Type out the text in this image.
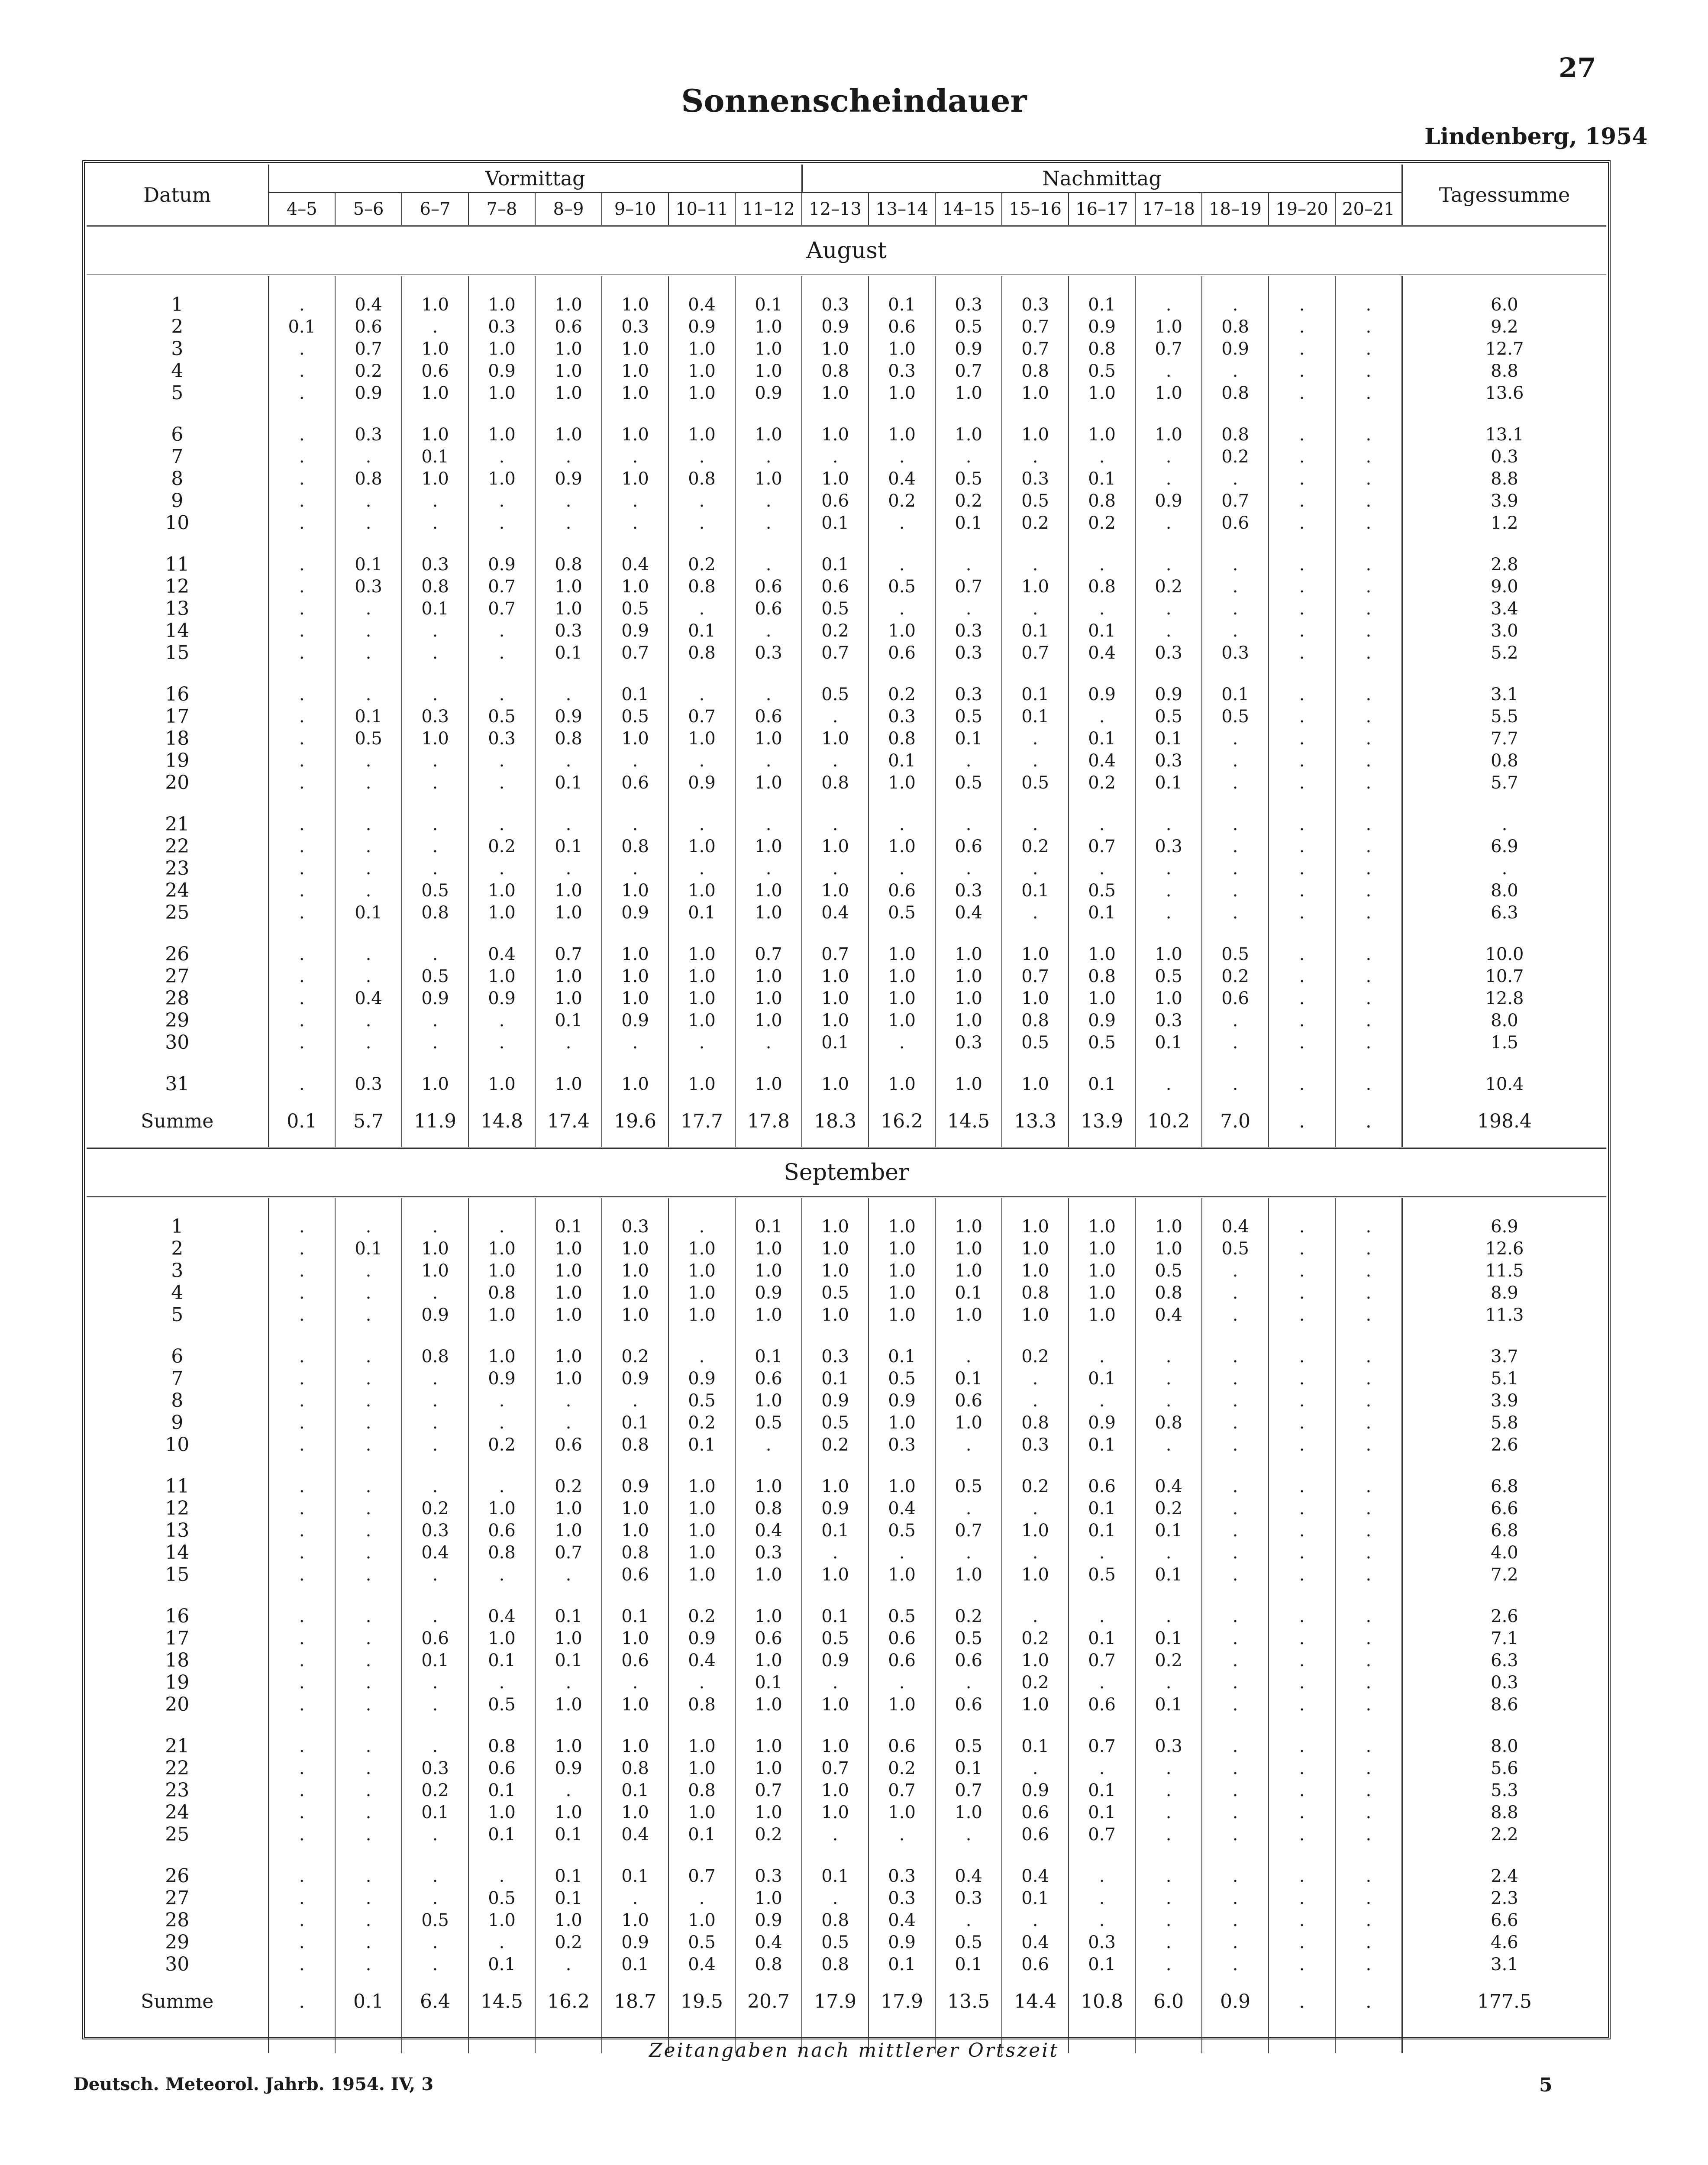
27
Sonnenscheindauer
Lindenberg, 1954
Datum	Vormittag								Nachmittag									Tagessumme
	4–5	5–6	6–7	7–8	8–9	9–10	10–11	11–12	12–13	13–14	14–15	15–16	16–17	17–18	18–19	19–20	20–21	
August																		

1	.	0.4	1.0	1.0	1.0	1.0	0.4	0.1	0.3	0.1	0.3	0.3	0.1	.	.	.	.	6.0
2	0.1	0.6	.	0.3	0.6	0.3	0.9	1.0	0.9	0.6	0.5	0.7	0.9	1.0	0.8	.	.	9.2
3	.	0.7	1.0	1.0	1.0	1.0	1.0	1.0	1.0	1.0	0.9	0.7	0.8	0.7	0.9	.	.	12.7
4	.	0.2	0.6	0.9	1.0	1.0	1.0	1.0	0.8	0.3	0.7	0.8	0.5	.	.	.	.	8.8
5	.	0.9	1.0	1.0	1.0	1.0	1.0	0.9	1.0	1.0	1.0	1.0	1.0	1.0	0.8	.	.	13.6

6	.	0.3	1.0	1.0	1.0	1.0	1.0	1.0	1.0	1.0	1.0	1.0	1.0	1.0	0.8	.	.	13.1
7	.	.	0.1	.	.	.	.	.	.	.	.	.	.	.	0.2	.	.	0.3
8	.	0.8	1.0	1.0	0.9	1.0	0.8	1.0	1.0	0.4	0.5	0.3	0.1	.	.	.	.	8.8
9	.	.	.	.	.	.	.	.	0.6	0.2	0.2	0.5	0.8	0.9	0.7	.	.	3.9
10	.	.	.	.	.	.	.	.	0.1	.	0.1	0.2	0.2	.	0.6	.	.	1.2

11	.	0.1	0.3	0.9	0.8	0.4	0.2	.	0.1	.	.	.	.	.	.	.	.	2.8
12	.	0.3	0.8	0.7	1.0	1.0	0.8	0.6	0.6	0.5	0.7	1.0	0.8	0.2	.	.	.	9.0
13	.	.	0.1	0.7	1.0	0.5	.	0.6	0.5	.	.	.	.	.	.	.	.	3.4
14	.	.	.	.	0.3	0.9	0.1	.	0.2	1.0	0.3	0.1	0.1	.	.	.	.	3.0
15	.	.	.	.	0.1	0.7	0.8	0.3	0.7	0.6	0.3	0.7	0.4	0.3	0.3	.	.	5.2

16	.	.	.	.	.	0.1	.	.	0.5	0.2	0.3	0.1	0.9	0.9	0.1	.	.	3.1
17	.	0.1	0.3	0.5	0.9	0.5	0.7	0.6	.	0.3	0.5	0.1	.	0.5	0.5	.	.	5.5
18	.	0.5	1.0	0.3	0.8	1.0	1.0	1.0	1.0	0.8	0.1	.	0.1	0.1	.	.	.	7.7
19	.	.	.	.	.	.	.	.	.	0.1	.	.	0.4	0.3	.	.	.	0.8
20	.	.	.	.	0.1	0.6	0.9	1.0	0.8	1.0	0.5	0.5	0.2	0.1	.	.	.	5.7

21	.	.	.	.	.	.	.	.	.	.	.	.	.	.	.	.	.	.
22	.	.	.	0.2	0.1	0.8	1.0	1.0	1.0	1.0	0.6	0.2	0.7	0.3	.	.	.	6.9
23	.	.	.	.	.	.	.	.	.	.	.	.	.	.	.	.	.	.
24	.	.	0.5	1.0	1.0	1.0	1.0	1.0	1.0	0.6	0.3	0.1	0.5	.	.	.	.	8.0
25	.	0.1	0.8	1.0	1.0	0.9	0.1	1.0	0.4	0.5	0.4	.	0.1	.	.	.	.	6.3

26	.	.	.	0.4	0.7	1.0	1.0	0.7	0.7	1.0	1.0	1.0	1.0	1.0	0.5	.	.	10.0
27	.	.	0.5	1.0	1.0	1.0	1.0	1.0	1.0	1.0	1.0	0.7	0.8	0.5	0.2	.	.	10.7
28	.	0.4	0.9	0.9	1.0	1.0	1.0	1.0	1.0	1.0	1.0	1.0	1.0	1.0	0.6	.	.	12.8
29	.	.	.	.	0.1	0.9	1.0	1.0	1.0	1.0	1.0	0.8	0.9	0.3	.	.	.	8.0
30	.	.	.	.	.	.	.	.	0.1	.	0.3	0.5	0.5	0.1	.	.	.	1.5

31	.	0.3	1.0	1.0	1.0	1.0	1.0	1.0	1.0	1.0	1.0	1.0	0.1	.	.	.	.	10.4
Summe	0.1	5.7	11.9	14.8	17.4	19.6	17.7	17.8	18.3	16.2	14.5	13.3	13.9	10.2	7.0	.	.	198.4
September																		

1	.	.	.	.	0.1	0.3	.	0.1	1.0	1.0	1.0	1.0	1.0	1.0	0.4	.	.	6.9
2	.	0.1	1.0	1.0	1.0	1.0	1.0	1.0	1.0	1.0	1.0	1.0	1.0	1.0	0.5	.	.	12.6
3	.	.	1.0	1.0	1.0	1.0	1.0	1.0	1.0	1.0	1.0	1.0	1.0	0.5	.	.	.	11.5
4	.	.	.	0.8	1.0	1.0	1.0	0.9	0.5	1.0	0.1	0.8	1.0	0.8	.	.	.	8.9
5	.	.	0.9	1.0	1.0	1.0	1.0	1.0	1.0	1.0	1.0	1.0	1.0	0.4	.	.	.	11.3

6	.	.	0.8	1.0	1.0	0.2	.	0.1	0.3	0.1	.	0.2	.	.	.	.	.	3.7
7	.	.	.	0.9	1.0	0.9	0.9	0.6	0.1	0.5	0.1	.	0.1	.	.	.	.	5.1
8	.	.	.	.	.	.	0.5	1.0	0.9	0.9	0.6	.	.	.	.	.	.	3.9
9	.	.	.	.	.	0.1	0.2	0.5	0.5	1.0	1.0	0.8	0.9	0.8	.	.	.	5.8
10	.	.	.	0.2	0.6	0.8	0.1	.	0.2	0.3	.	0.3	0.1	.	.	.	.	2.6

11	.	.	.	.	0.2	0.9	1.0	1.0	1.0	1.0	0.5	0.2	0.6	0.4	.	.	.	6.8
12	.	.	0.2	1.0	1.0	1.0	1.0	0.8	0.9	0.4	.	.	0.1	0.2	.	.	.	6.6
13	.	.	0.3	0.6	1.0	1.0	1.0	0.4	0.1	0.5	0.7	1.0	0.1	0.1	.	.	.	6.8
14	.	.	0.4	0.8	0.7	0.8	1.0	0.3	.	.	.	.	.	.	.	.	.	4.0
15	.	.	.	.	.	0.6	1.0	1.0	1.0	1.0	1.0	1.0	0.5	0.1	.	.	.	7.2

16	.	.	.	0.4	0.1	0.1	0.2	1.0	0.1	0.5	0.2	.	.	.	.	.	.	2.6
17	.	.	0.6	1.0	1.0	1.0	0.9	0.6	0.5	0.6	0.5	0.2	0.1	0.1	.	.	.	7.1
18	.	.	0.1	0.1	0.1	0.6	0.4	1.0	0.9	0.6	0.6	1.0	0.7	0.2	.	.	.	6.3
19	.	.	.	.	.	.	.	0.1	.	.	.	0.2	.	.	.	.	.	0.3
20	.	.	.	0.5	1.0	1.0	0.8	1.0	1.0	1.0	0.6	1.0	0.6	0.1	.	.	.	8.6

21	.	.	.	0.8	1.0	1.0	1.0	1.0	1.0	0.6	0.5	0.1	0.7	0.3	.	.	.	8.0
22	.	.	0.3	0.6	0.9	0.8	1.0	1.0	0.7	0.2	0.1	.	.	.	.	.	.	5.6
23	.	.	0.2	0.1	.	0.1	0.8	0.7	1.0	0.7	0.7	0.9	0.1	.	.	.	.	5.3
24	.	.	0.1	1.0	1.0	1.0	1.0	1.0	1.0	1.0	1.0	0.6	0.1	.	.	.	.	8.8
25	.	.	.	0.1	0.1	0.4	0.1	0.2	.	.	.	0.6	0.7	.	.	.	.	2.2

26	.	.	.	.	0.1	0.1	0.7	0.3	0.1	0.3	0.4	0.4	.	.	.	.	.	2.4
27	.	.	.	0.5	0.1	.	.	1.0	.	0.3	0.3	0.1	.	.	.	.	.	2.3
28	.	.	0.5	1.0	1.0	1.0	1.0	0.9	0.8	0.4	.	.	.	.	.	.	.	6.6
29	.	.	.	.	0.2	0.9	0.5	0.4	0.5	0.9	0.5	0.4	0.3	.	.	.	.	4.6
30	.	.	.	0.1	.	0.1	0.4	0.8	0.8	0.1	0.1	0.6	0.1	.	.	.	.	3.1
Summe	.	0.1	6.4	14.5	16.2	18.7	19.5	20.7	17.9	17.9	13.5	14.4	10.8	6.0	0.9	.	.	177.5

Zeitangaben nach mittlerer Ortszeit
Deutsch. Meteorol. Jahrb. 1954. IV, 3	5
